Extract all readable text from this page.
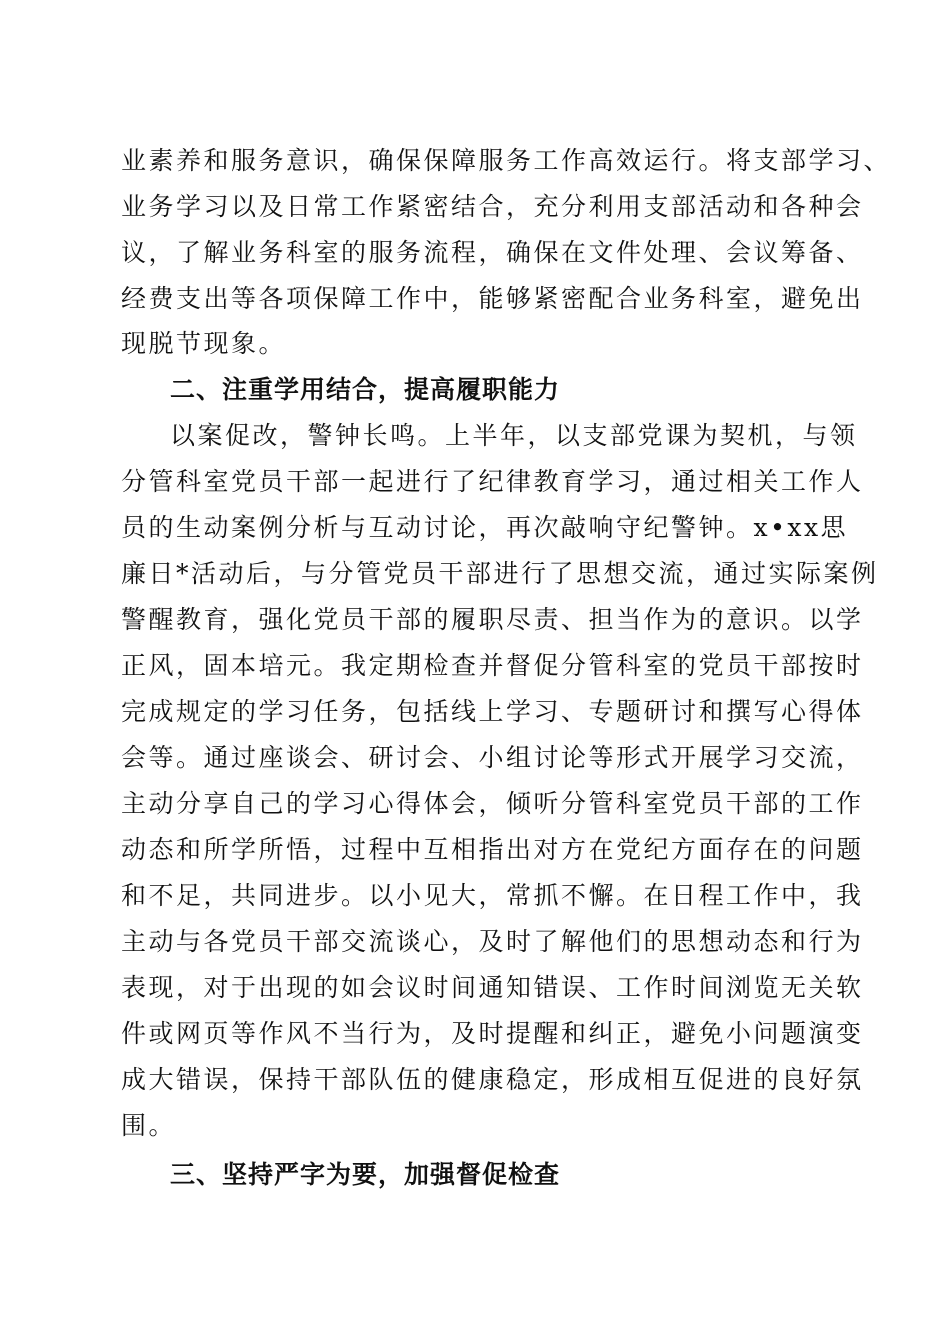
业素养和服务意识，确保保障服务工作高效运行。将支部学习、
业务学习以及日常工作紧密结合，充分利用支部活动和各种会
议，了解业务科室的服务流程，确保在文件处理、会议筹备、
经费支出等各项保障工作中，能够紧密配合业务科室，避免出
现脱节现象。
二、注重学用结合，提高履职能力
以案促改，警钟长鸣。上半年，以支部党课为契机，与领
分管科室党员干部一起进行了纪律教育学习，通过相关工作人
员的生动案例分析与互动讨论，再次敲响守纪警钟。x•xx思
廉日*活动后，与分管党员干部进行了思想交流，通过实际案例
警醒教育，强化党员干部的履职尽责、担当作为的意识。以学
正风，固本培元。我定期检查并督促分管科室的党员干部按时
完成规定的学习任务，包括线上学习、专题研讨和撰写心得体
会等。通过座谈会、研讨会、小组讨论等形式开展学习交流，
主动分享自己的学习心得体会，倾听分管科室党员干部的工作
动态和所学所悟，过程中互相指出对方在党纪方面存在的问题
和不足，共同进步。以小见大，常抓不懈。在日程工作中，我
主动与各党员干部交流谈心，及时了解他们的思想动态和行为
表现，对于出现的如会议时间通知错误、工作时间浏览无关软
件或网页等作风不当行为，及时提醒和纠正，避免小问题演变
成大错误，保持干部队伍的健康稳定，形成相互促进的良好氛
围。
三、坚持严字为要，加强督促检查
